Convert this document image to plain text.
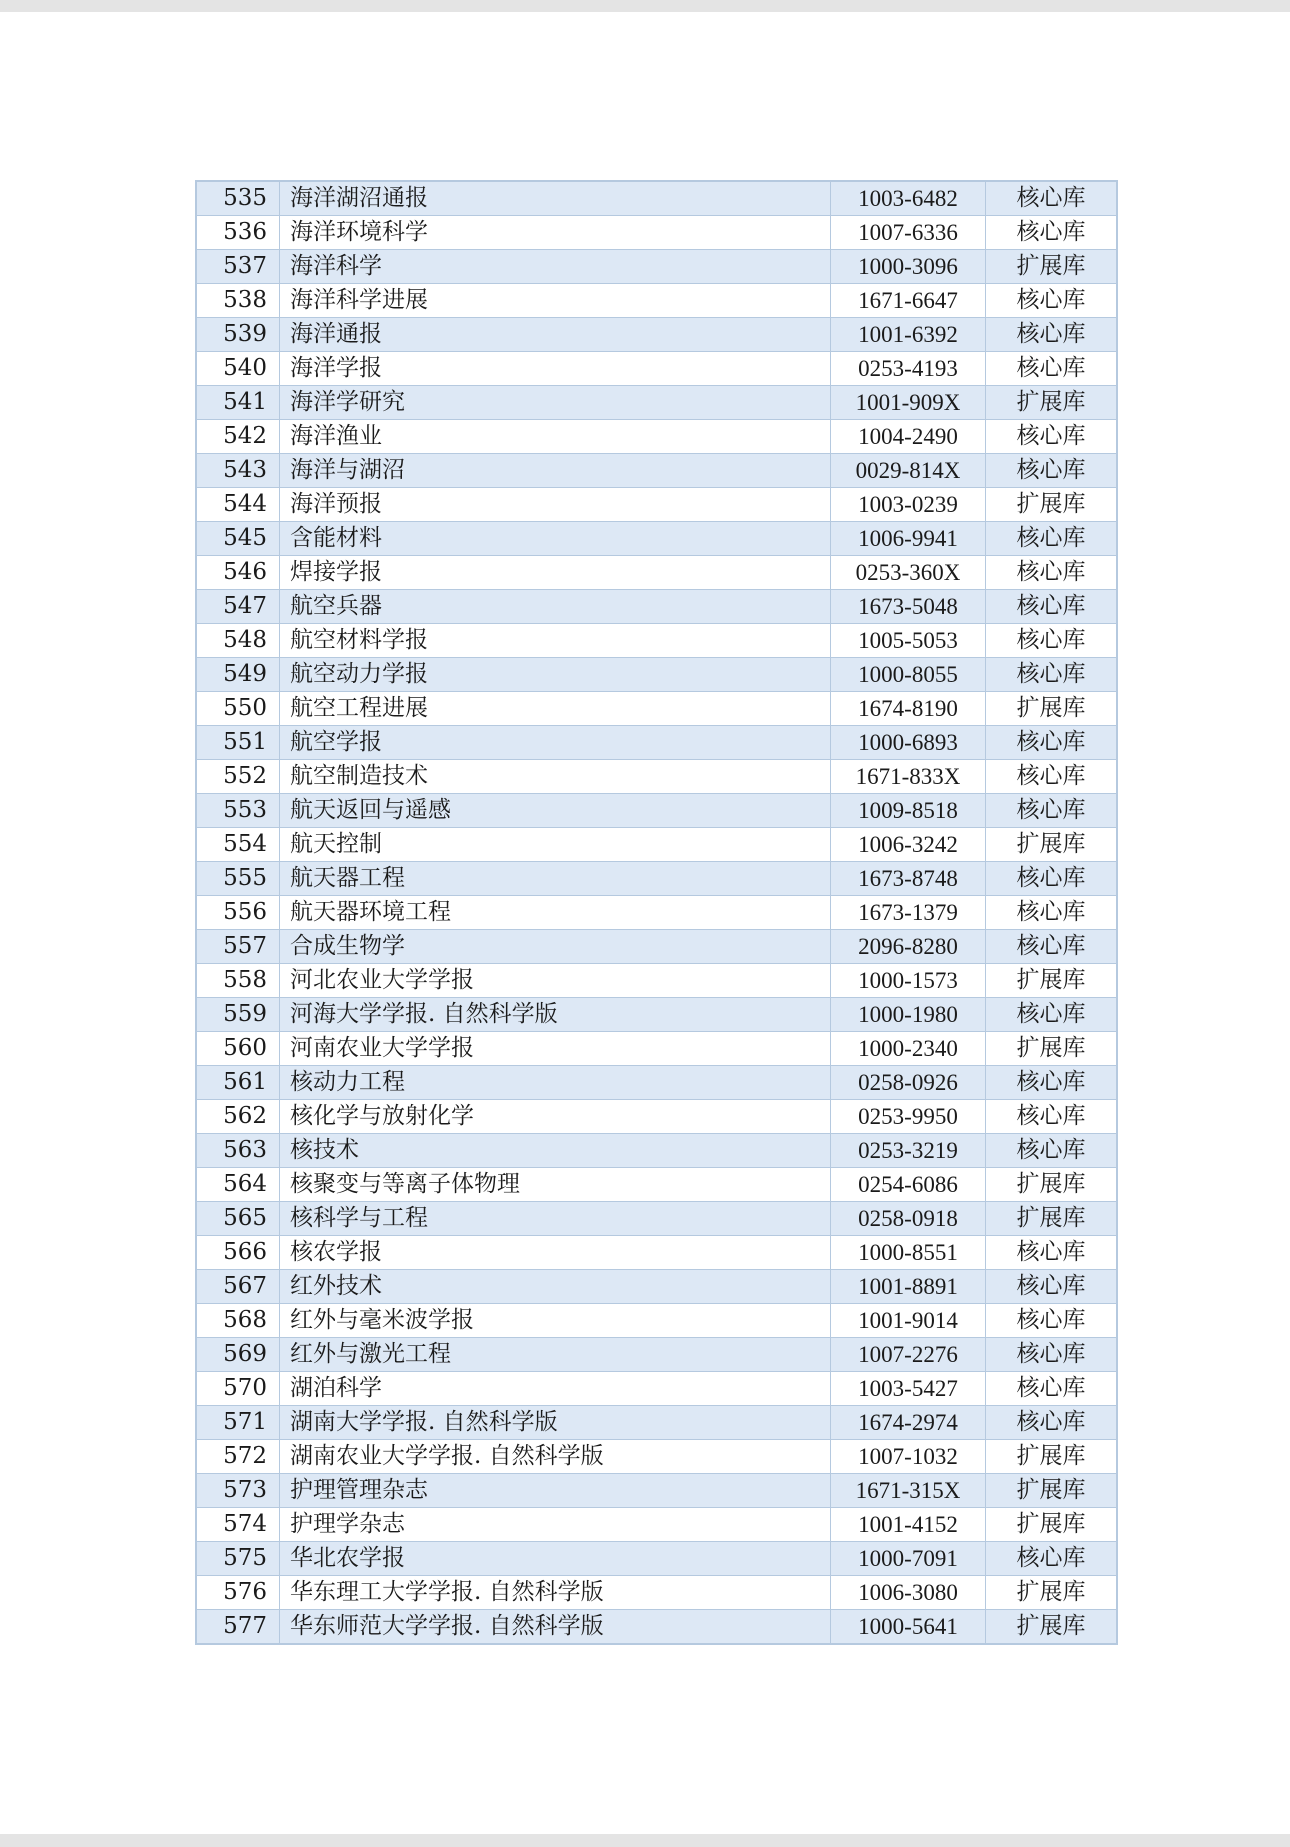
535	海洋湖沼通报	1003-6482	核心库
536	海洋环境科学	1007-6336	核心库
537	海洋科学	1000-3096	扩展库
538	海洋科学进展	1671-6647	核心库
539	海洋通报	1001-6392	核心库
540	海洋学报	0253-4193	核心库
541	海洋学研究	1001-909X	扩展库
542	海洋渔业	1004-2490	核心库
543	海洋与湖沼	0029-814X	核心库
544	海洋预报	1003-0239	扩展库
545	含能材料	1006-9941	核心库
546	焊接学报	0253-360X	核心库
547	航空兵器	1673-5048	核心库
548	航空材料学报	1005-5053	核心库
549	航空动力学报	1000-8055	核心库
550	航空工程进展	1674-8190	扩展库
551	航空学报	1000-6893	核心库
552	航空制造技术	1671-833X	核心库
553	航天返回与遥感	1009-8518	核心库
554	航天控制	1006-3242	扩展库
555	航天器工程	1673-8748	核心库
556	航天器环境工程	1673-1379	核心库
557	合成生物学	2096-8280	核心库
558	河北农业大学学报	1000-1573	扩展库
559	河海大学学报. 自然科学版	1000-1980	核心库
560	河南农业大学学报	1000-2340	扩展库
561	核动力工程	0258-0926	核心库
562	核化学与放射化学	0253-9950	核心库
563	核技术	0253-3219	核心库
564	核聚变与等离子体物理	0254-6086	扩展库
565	核科学与工程	0258-0918	扩展库
566	核农学报	1000-8551	核心库
567	红外技术	1001-8891	核心库
568	红外与毫米波学报	1001-9014	核心库
569	红外与激光工程	1007-2276	核心库
570	湖泊科学	1003-5427	核心库
571	湖南大学学报. 自然科学版	1674-2974	核心库
572	湖南农业大学学报. 自然科学版	1007-1032	扩展库
573	护理管理杂志	1671-315X	扩展库
574	护理学杂志	1001-4152	扩展库
575	华北农学报	1000-7091	核心库
576	华东理工大学学报. 自然科学版	1006-3080	扩展库
577	华东师范大学学报. 自然科学版	1000-5641	扩展库
